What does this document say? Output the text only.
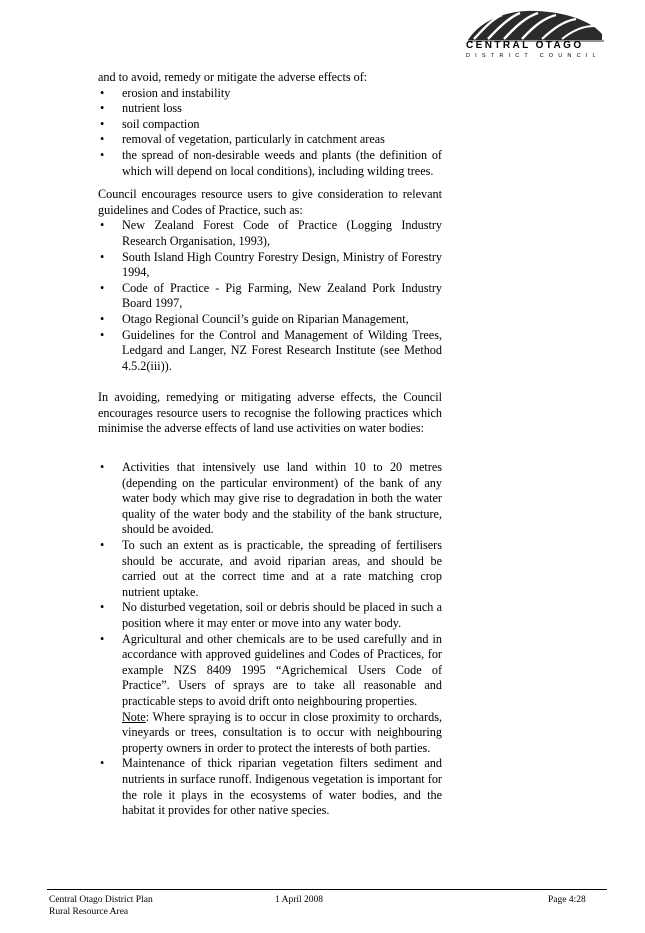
CENTRAL OTAGO
DISTRICT COUNCIL

and to avoid, remedy or mitigate the adverse effects of:

• erosion and instability
• nutrient loss
• soil compaction
• removal of vegetation, particularly in catchment areas
• the spread of non-desirable weeds and plants (the definition of which will depend on local conditions), including wilding trees.

Council encourages resource users to give consideration to relevant guidelines and Codes of Practice, such as:

• New Zealand Forest Code of Practice (Logging Industry Research Organisation, 1993),
• South Island High Country Forestry Design, Ministry of Forestry 1994,
• Code of Practice - Pig Farming, New Zealand Pork Industry Board 1997,
• Otago Regional Council’s guide on Riparian Management,
• Guidelines for the Control and Management of Wilding Trees, Ledgard and Langer, NZ Forest Research Institute (see Method 4.5.2(iii)).

In avoiding, remedying or mitigating adverse effects, the Council encourages resource users to recognise the following practices which minimise the adverse effects of land use activities on water bodies:

• Activities that intensively use land within 10 to 20 metres (depending on the particular environment) of the bank of any water body which may give rise to degradation in both the water quality of the water body and the stability of the bank structure, should be avoided.
• To such an extent as is practicable, the spreading of fertilisers should be accurate, and avoid riparian areas, and should be carried out at the correct time and at a rate matching crop nutrient uptake.
• No disturbed vegetation, soil or debris should be placed in such a position where it may enter or move into any water body.
• Agricultural and other chemicals are to be used carefully and in accordance with approved guidelines and Codes of Practices, for example NZS 8409 1995 “Agrichemical Users Code of Practice”. Users of sprays are to take all reasonable and practicable steps to avoid drift onto neighbouring properties.
Note: Where spraying is to occur in close proximity to orchards, vineyards or trees, consultation is to occur with neighbouring property owners in order to protect the interests of both parties.
• Maintenance of thick riparian vegetation filters sediment and nutrients in surface runoff. Indigenous vegetation is important for the role it plays in the ecosystems of water bodies, and the habitat it provides for other native species.
Central Otago District Plan
Rural Resource Area
1 April 2008	Page 4:28
